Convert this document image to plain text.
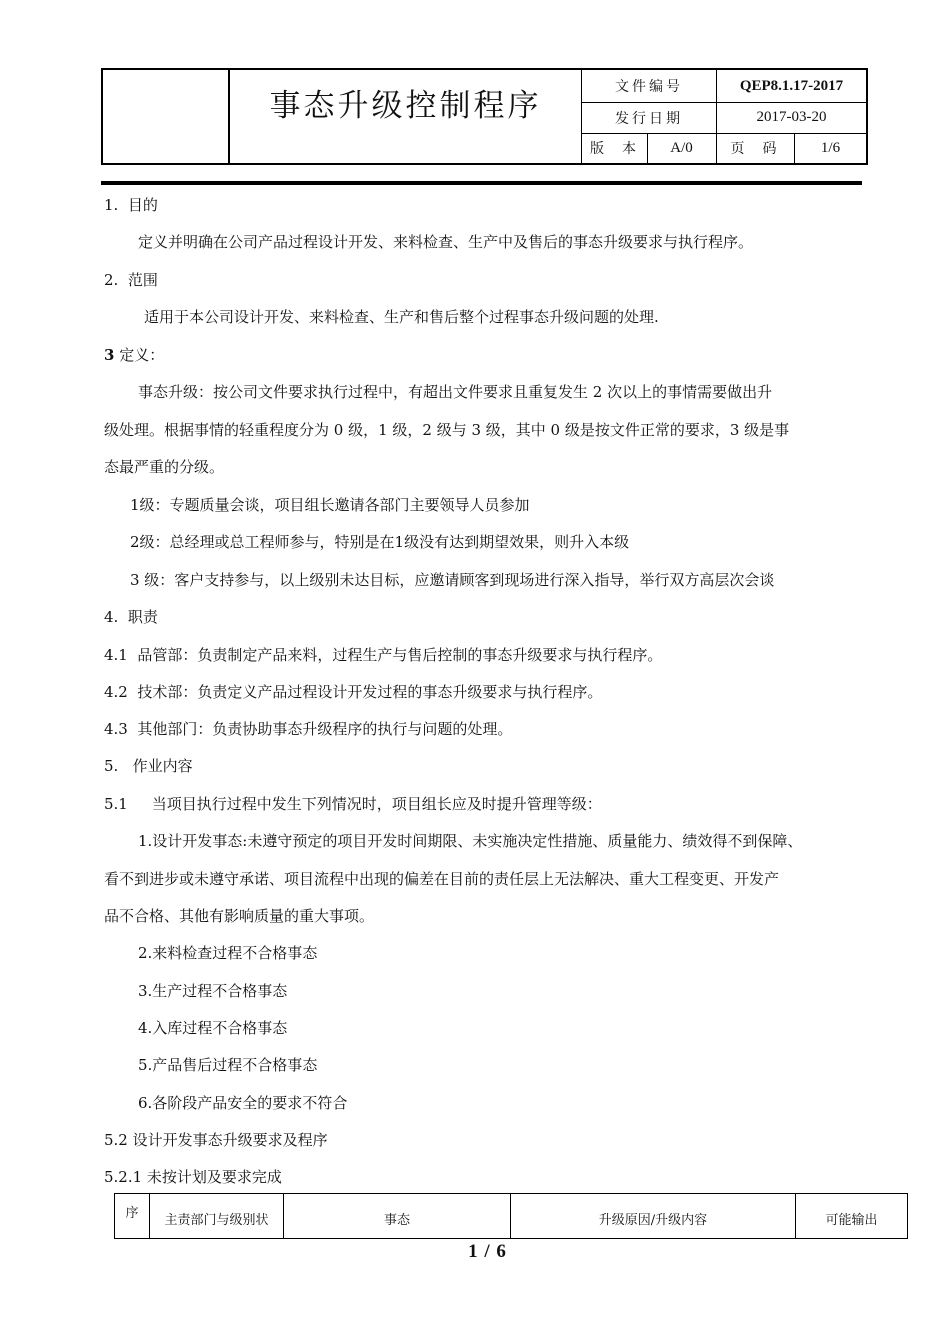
事态升级控制程序
文件编号	QEP8.1.17-2017
发行日期	2017-03-20
版  本	A/0	页  码	1/6
1.  目的
定义并明确在公司产品过程设计开发、来料检查、生产中及售后的事态升级要求与执行程序。
2.  范围
适用于本公司设计开发、来料检查、生产和售后整个过程事态升级问题的处理.
3 定义：
事态升级：按公司文件要求执行过程中，有超出文件要求且重复发生 2 次以上的事情需要做出升
级处理。根据事情的轻重程度分为 0 级，1 级，2 级与 3 级，其中 0 级是按文件正常的要求，3 级是事
态最严重的分级。
1级：专题质量会谈，项目组长邀请各部门主要领导人员参加
2级：总经理或总工程师参与，特别是在1级没有达到期望效果，则升入本级
3 级：客户支持参与，以上级别未达目标，应邀请顾客到现场进行深入指导，举行双方高层次会谈
4.  职责
4.1  品管部：负责制定产品来料，过程生产与售后控制的事态升级要求与执行程序。
4.2  技术部：负责定义产品过程设计开发过程的事态升级要求与执行程序。
4.3  其他部门：负责协助事态升级程序的执行与问题的处理。
5.   作业内容
5.1     当项目执行过程中发生下列情况时，项目组长应及时提升管理等级：
1.设计开发事态:未遵守预定的项目开发时间期限、未实施决定性措施、质量能力、绩效得不到保障、
看不到进步或未遵守承诺、项目流程中出现的偏差在目前的责任层上无法解决、重大工程变更、开发产
品不合格、其他有影响质量的重大事项。
2.来料检查过程不合格事态
3.生产过程不合格事态
4.入库过程不合格事态
5.产品售后过程不合格事态
6.各阶段产品安全的要求不符合
5.2 设计开发事态升级要求及程序
5.2.1 未按计划及要求完成
序	主责部门与级别状	事态	升级原因/升级内容	可能输出
1 / 6
